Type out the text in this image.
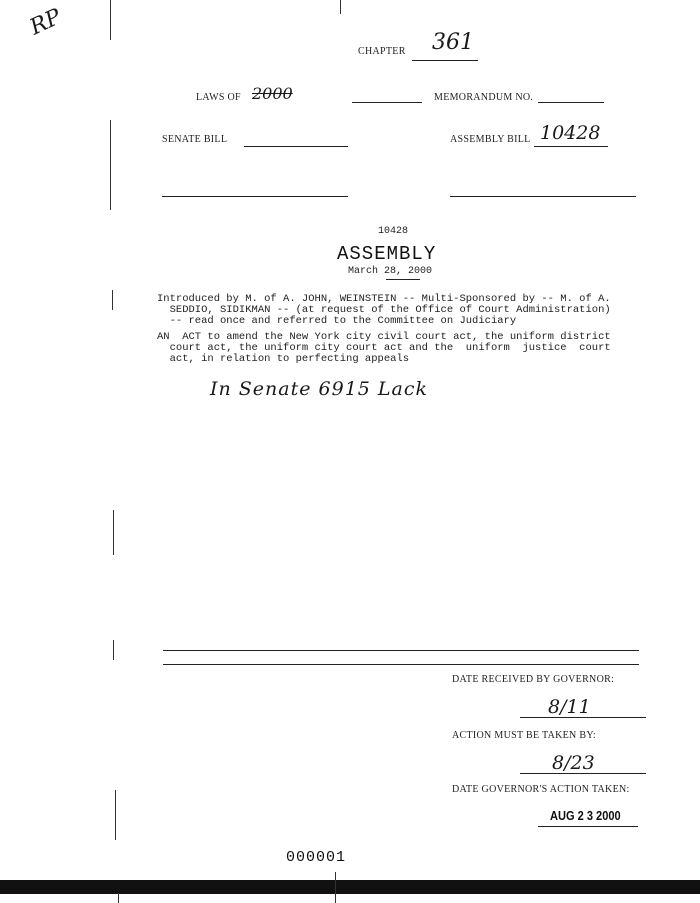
RP
CHAPTER 361
LAWS OF 2000	MEMORANDUM NO.
SENATE BILL	ASSEMBLY BILL 10428
10428
ASSEMBLY
March 28, 2000
Introduced by M. of A. JOHN, WEINSTEIN -- Multi-Sponsored by -- M. of A.
SEDDIO, SIDIKMAN -- (at request of the Office of Court Administration)
-- read once and referred to the Committee on Judiciary
AN  ACT to amend the New York city civil court act, the uniform district
court act, the uniform city court act and the  uniform  justice  court
act, in relation to perfecting appeals
In Senate 6915 Lack
DATE RECEIVED BY GOVERNOR:
8/11
ACTION MUST BE TAKEN BY:
8/23
DATE GOVERNOR'S ACTION TAKEN:
AUG 2 3 2000
000001
